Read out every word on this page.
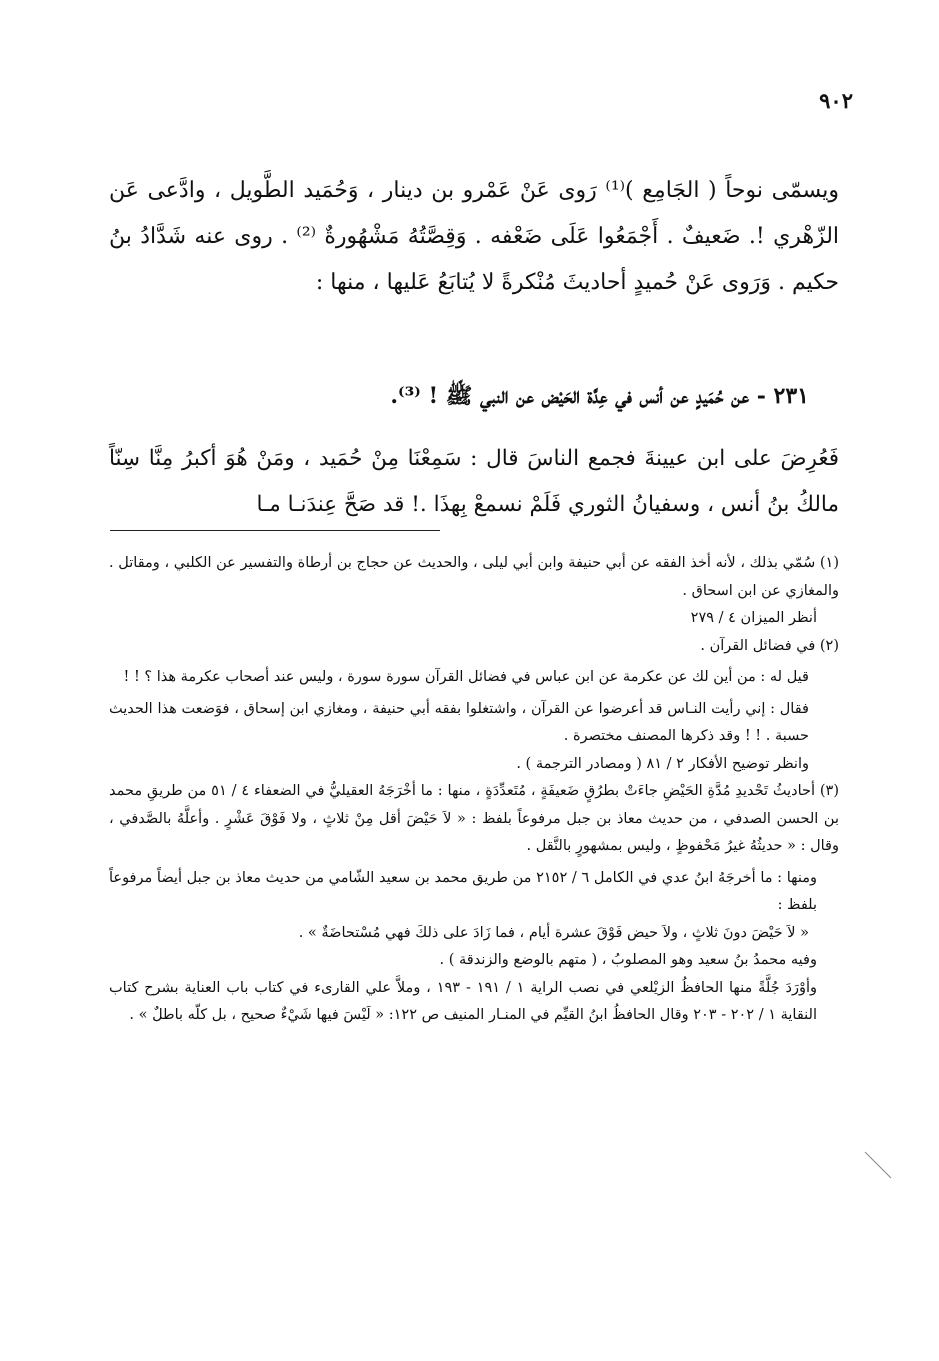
٩٠٢

ويسمّى نوحاً ( الجَامِع )⁽¹⁾ رَوى عَنْ عَمْرو بن دينار ، وَحُمَيد الطَّويل ، وادَّعى عَن الزّهْري !. ضَعيفٌ . أَجْمَعُوا عَلَى ضَعْفه . وَقِصَّتُهُ مَشْهُورةٌ ⁽²⁾ . روى عنه شَدَّادُ بنُ حكيم . وَرَوى عَنْ حُميدٍ أحاديثَ مُنْكرةً لا يُتابَعُ عَليها ، منها :

٢٣١ - عن حُمَيدٍ عن أنس في عِدَّة الحَيْض عن النبي ﷺ ! ⁽³⁾.

فَعُرِضَ على ابن عيينةَ فجمع الناسَ قال : سَمِعْنَا مِنْ حُمَيد ، ومَنْ هُوَ أكبرُ مِنَّا سِنّاً مالكُ بنُ أنس ، وسفيانُ الثوري فَلَمْ نسمعْ بِهذَا .! قد صَحَّ عِندَنـا مـا

(١) سُمّي بذلك ، لأنه أخذ الفقه عن أبي حنيفة وابن أبي ليلى ، والحديث عن حجاج بن أرطاة والتفسير عن الكلبي ، ومقاتل . والمغازي عن ابن اسحاق .

أنظر الميزان ٤ / ٢٧٩

(٢) في فضائل القرآن .

قيل له : من أين لك عن عكرمة عن ابن عباس في فضائل القرآن سورة سورة ، وليس عند أصحاب عكرمة هذا ؟ ! !

فقال : إني رأيت النـاس قد أعرضوا عن القرآن ، واشتغلوا بفقه أبي حنيفة ، ومغازي ابن إسحاق ، فوَضعت هذا الحديث حسبة . ! ! وقد ذكرها المصنف مختصرة .

وانظر توضيح الأفكار ٢ / ٨١ ( ومصادر الترجمة ) .

(٣) أحاديثُ تَحْديدِ مُدَّةِ الحَيْضِ جاءَتْ بطرُقٍ ضَعيفَةٍ ، مُتَعدِّدَةٍ ، منها : ما أخْرَجَهُ العقيليُّ في الضعفاء ٤ / ٥١ من طريقِ محمد بن الحسن الصدفي ، من حديث معاذ بن جبل مرفوعاً بلفظ : « لاَ حَيْضَ أقل مِنْ ثلاثٍ ، ولا فَوْقَ عَشْرٍ . وأعلَّهُ بالصَّدفي ، وقال : « حديثُهُ غيرُ مَحْفوظٍ ، وليس بمشهورٍ بالنَّقل .

ومنها : ما أخرجَهُ ابنُ عدي في الكامل ٦ / ٢١٥٢ من طريق محمد بن سعيد الشّامي من حديث معاذ بن جبل أيضاً مرفوعاً بلفظ :

« لاَ حَيْضَ دونَ ثلاثٍ ، ولاَ حيض فَوْقَ عشرة أيام ، فما زَادَ على ذلكَ فهي مُسْتحاضَةٌ » .

وفيه محمدُ بنُ سعيد وهو المصلوبُ ، ( متهم بالوضع والزندقة ) .

وأوْرَدَ جُلَّةً منها الحافظُ الزيْلعي في نصب الراية ١ / ١٩١ - ١٩٣ ، وملاَّ علي القارىء في كتاب باب العناية بشرح كتاب النقاية ١ / ٢٠٢ - ٢٠٣ وقال الحافظُ ابنُ القيِّم في المنـار المنيف ص ١٢٢: « لَيْسَ فيها شَيْءٌ صحيح ، بل كلّه باطلٌ » .
